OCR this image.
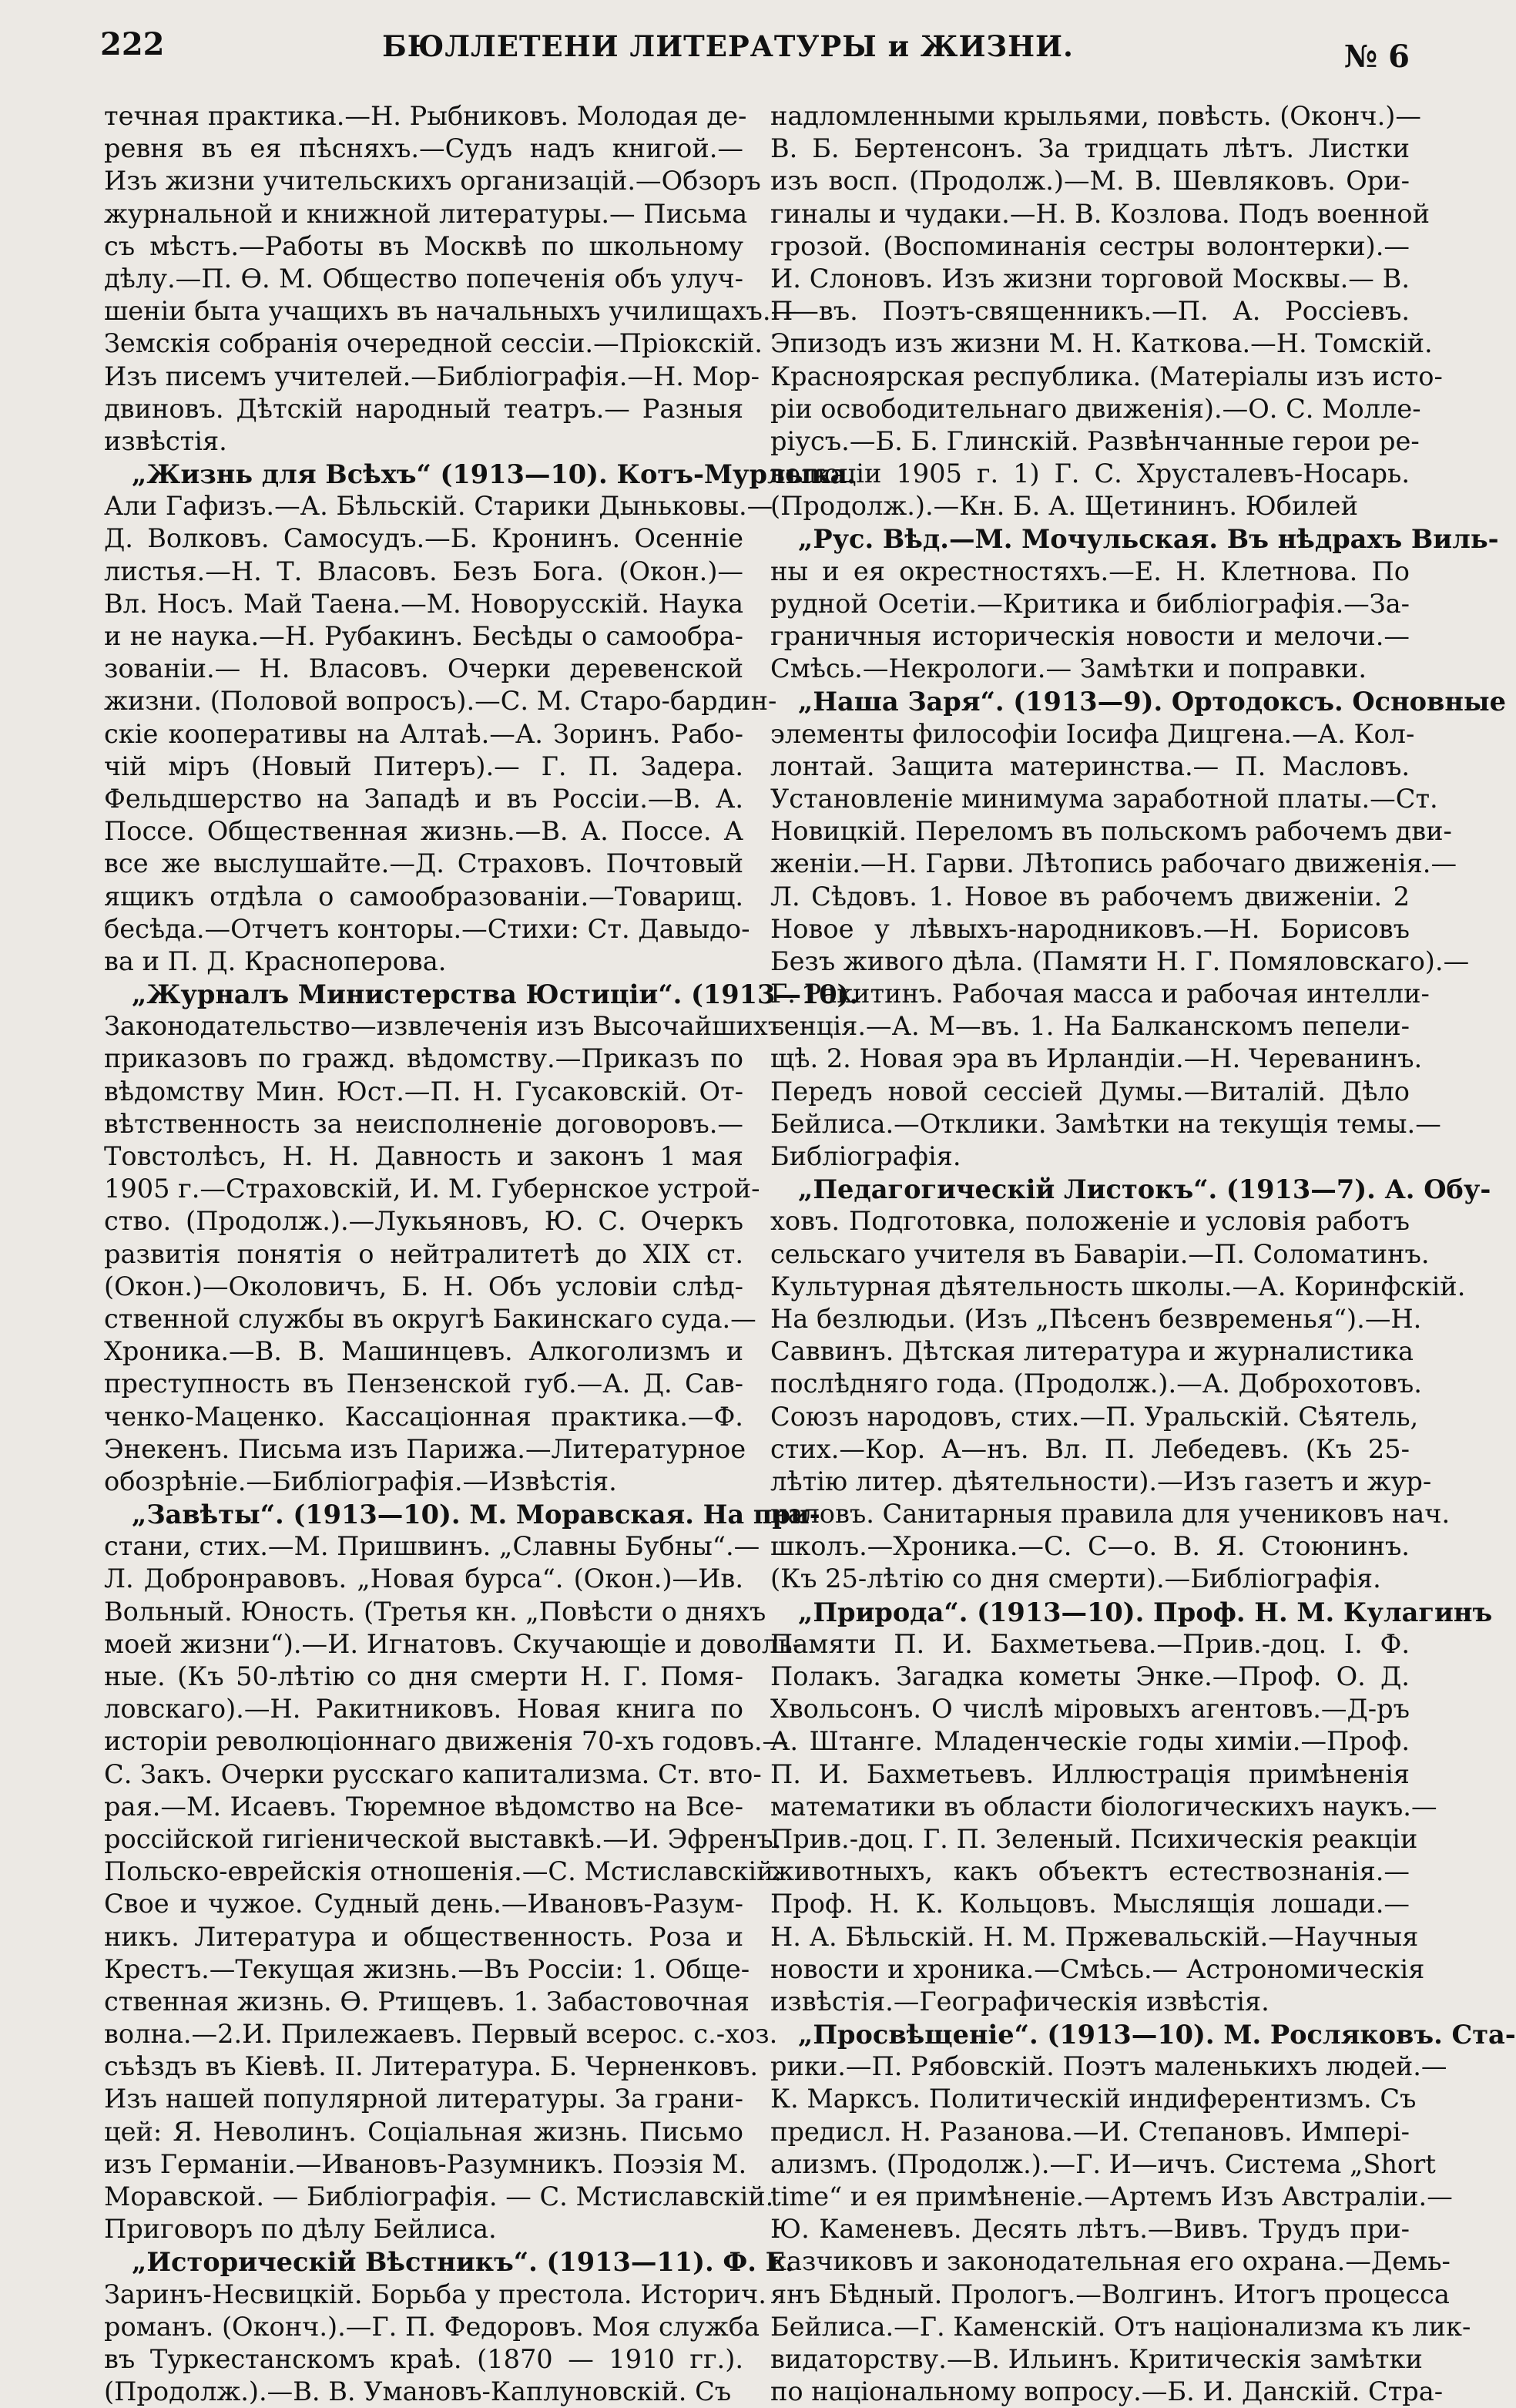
222	БЮЛЛЕТЕНИ ЛИТЕРАТУРЫ и ЖИЗНИ.	№ 6
течная практика.—Н. Рыбниковъ. Молодая де-
ревня въ ея пѣсняхъ.—Судъ надъ книгой.—
Изъ жизни учительскихъ организацій.—Обзоръ
журнальной и книжной литературы.— Письма
съ мѣстъ.—Работы въ Москвѣ по школьному
дѣлу.—П. Ѳ. М. Общество попеченія объ улуч-
шеніи быта учащихъ въ начальныхъ училищахъ.—
Земскія собранія очередной сессіи.—Пріокскій.
Изъ писемъ учителей.—Библіографія.—Н. Мор-
двиновъ. Дѣтскій народный театръ.— Разныя
извѣстія.
„Жизнь для Всѣхъ“ (1913—10). Котъ-Мурлыка.
Али Гафизъ.—А. Бѣльскій. Старики Дыньковы.—
Д. Волковъ. Самосудъ.—Б. Кронинъ. Осенніе
листья.—Н. Т. Власовъ. Безъ Бога. (Окон.)—
Вл. Носъ. Май Тaена.—М. Новорусскій. Наука
и не наука.—Н. Рубакинъ. Бесѣды о самообра-
зованіи.— Н. Власовъ. Очерки деревенской
жизни. (Половой вопросъ).—С. М. Старо-бардин-
скіе кооперативы на Алтаѣ.—А. Зоринъ. Рабо-
чій міръ (Новый Питеръ).— Г. П. Задера.
Фельдшерство на Западѣ и въ Россіи.—В. А.
Поссе. Общественная жизнь.—В. А. Поссе. А
все же выслушайте.—Д. Страховъ. Почтовый
ящикъ отдѣла о самообразованіи.—Товарищ.
бесѣда.—Отчетъ конторы.—Стихи: Ст. Давыдо-
ва и П. Д. Красноперова.
„Журналъ Министерства Юстиціи“. (1913—10).
Законодательство—извлеченія изъ Высочайшихъ
приказовъ по гражд. вѣдомству.—Приказъ по
вѣдомству Мин. Юст.—П. Н. Гусаковскій. От-
вѣтственность за неисполненіе договоровъ.—
Товстолѣсъ, Н. Н. Давность и законъ 1 мая
1905 г.—Страховскій, И. М. Губернское устрой-
ство. (Продолж.).—Лукьяновъ, Ю. С. Очеркъ
развитія понятія о нейтралитетѣ до XIX ст.
(Окон.)—Околовичъ, Б. Н. Объ условіи слѣд-
ственной службы въ округѣ Бакинскаго суда.—
Хроника.—В. В. Машинцевъ. Алкоголизмъ и
преступность въ Пензенской губ.—А. Д. Сав-
ченко-Маценко. Кассаціонная практика.—Ф.
Энекенъ. Письма изъ Парижа.—Литературное
обозрѣніе.—Библіографія.—Извѣстія.
„Завѣты“. (1913—10). М. Моравская. На при-
стани, стих.—М. Пришвинъ. „Славны Бубны“.—
Л. Добронравовъ. „Новая бурса“. (Окон.)—Ив.
Вольный. Юность. (Третья кн. „Повѣсти о дняхъ
моей жизни“).—И. Игнатовъ. Скучающіе и доволь-
ные. (Къ 50-лѣтію со дня смерти Н. Г. Помя-
ловскаго).—Н. Ракитниковъ. Новая книга по
исторіи революціоннаго движенія 70-хъ годовъ.—
С. Закъ. Очерки русскаго капитализма. Ст. вто-
рая.—М. Исаевъ. Тюремное вѣдомство на Все-
россійской гигіенической выставкѣ.—И. Эфренъ.
Польско-еврейскія отношенія.—С. Мстиславскій.
Свое и чужое. Судный день.—Ивановъ-Разум-
никъ. Литература и общественность. Роза и
Крестъ.—Текущая жизнь.—Въ Россіи: 1. Обще-
ственная жизнь. Ѳ. Ртищевъ. 1. Забастовочная
волна.—2.И. Прилежаевъ. Первый всерос. с.-хоз.
съѣздъ въ Кіевѣ. II. Литература. Б. Черненковъ.
Изъ нашей популярной литературы. За грани-
цей: Я. Неволинъ. Соціальная жизнь. Письмо
изъ Германіи.—Ивановъ-Разумникъ. Поэзія М.
Моравской. — Библіографія. — С. Мстиславскій.
Приговоръ по дѣлу Бейлиса.
„Историческій Вѣстникъ“. (1913—11). Ф. Е.
Заринъ-Несвицкій. Борьба у престола. Историч.
романъ. (Оконч.).—Г. П. Федоровъ. Моя служба
въ Туркестанскомъ краѣ. (1870 — 1910 гг.).
(Продолж.).—В. В. Умановъ-Каплуновскій. Съ
надломленными крыльями, повѣсть. (Оконч.)—
В. Б. Бертенсонъ. За тридцать лѣтъ. Листки
изъ восп. (Продолж.)—М. В. Шевляковъ. Ори-
гиналы и чудаки.—Н. В. Козлова. Подъ военной
грозой. (Воспоминанія сестры волонтерки).—
И. Слоновъ. Изъ жизни торговой Москвы.— В.
П—въ. Поэтъ-священникъ.—П. А. Россіевъ.
Эпизодъ изъ жизни М. Н. Каткова.—Н. Томскій.
Красноярская республика. (Матеріалы изъ исто-
ріи освободительнаго движенія).—О. С. Молле-
ріусъ.—Б. Б. Глинскій. Развѣнчанные герои ре-
волюціи 1905 г. 1) Г. С. Хрусталевъ-Носарь.
(Продолж.).—Кн. Б. А. Щетининъ. Юбилей
„Рус. Вѣд.—М. Мочульская. Въ нѣдрахъ Виль-
ны и ея окрестностяхъ.—Е. Н. Клетнова. По
рудной Осетіи.—Критика и библіографія.—За-
граничныя историческія новости и мелочи.—
Смѣсь.—Некрологи.— Замѣтки и поправки.
„Наша Заря“. (1913—9). Ортодоксъ. Основные
элементы философіи Іосифа Дицгена.—А. Кол-
лонтай. Защита материнства.— П. Масловъ.
Установленіе минимума заработной платы.—Ст.
Новицкій. Переломъ въ польскомъ рабочемъ дви-
женіи.—Н. Гарви. Лѣтопись рабочаго движенія.—
Л. Сѣдовъ. 1. Новое въ рабочемъ движеніи. 2
Новое у лѣвыхъ-народниковъ.—Н. Борисовъ
Безъ живого дѣла. (Памяти Н. Г. Помяловскаго).—
Г. Ракитинъ. Рабочая масса и рабочая интелли-
генція.—А. М—въ. 1. На Балканскомъ пепели-
щѣ. 2. Новая эра въ Ирландіи.—Н. Череванинъ.
Передъ новой сессіей Думы.—Виталій. Дѣло
Бейлиса.—Отклики. Замѣтки на текущія темы.—
Библіографія.
„Педагогическій Листокъ“. (1913—7). А. Обу-
ховъ. Подготовка, положеніе и условія работъ
сельскаго учителя въ Баваріи.—П. Соломатинъ.
Культурная дѣятельность школы.—А. Коринфскій.
На безлюдьи. (Изъ „Пѣсенъ безвременья“).—Н.
Саввинъ. Дѣтская литература и журналистика
послѣдняго года. (Продолж.).—А. Доброхотовъ.
Союзъ народовъ, стих.—П. Уральскій. Сѣятель,
стих.—Кор. А—нъ. Вл. П. Лебедевъ. (Къ 25-
лѣтію литер. дѣятельности).—Изъ газетъ и жур-
наловъ. Санитарныя правила для учениковъ нач.
школъ.—Хроника.—С. С—о. В. Я. Стоюнинъ.
(Къ 25-лѣтію со дня смерти).—Библіографія.
„Природа“. (1913—10). Проф. Н. М. Кулагинъ
Памяти П. И. Бахметьева.—Прив.-доц. I. Ф.
Полакъ. Загадка кометы Энке.—Проф. О. Д.
Хвольсонъ. О числѣ міровыхъ агентовъ.—Д-ръ
А. Штанге. Младенческіе годы химіи.—Проф.
П. И. Бахметьевъ. Иллюстрація примѣненія
математики въ области біологическихъ наукъ.—
Прив.-доц. Г. П. Зеленый. Психическія реакціи
животныхъ, какъ объектъ естествознанія.—
Проф. Н. К. Кольцовъ. Мыслящія лошади.—
Н. А. Бѣльскій. Н. М. Пржевальскій.—Научныя
новости и хроника.—Смѣсь.— Астрономическія
извѣстія.—Географическія извѣстія.
„Просвѣщеніе“. (1913—10). М. Росляковъ. Ста-
рики.—П. Рябовскій. Поэтъ маленькихъ людей.—
К. Марксъ. Политическій индиферентизмъ. Съ
предисл. Н. Разанова.—И. Степановъ. Импері-
ализмъ. (Продолж.).—Г. И—ичъ. Система „Short
time“ и ея примѣненіе.—Артемъ Изъ Австраліи.—
Ю. Каменевъ. Десять лѣтъ.—Вивъ. Трудъ при-
казчиковъ и законодательная его охрана.—Демь-
янъ Бѣдный. Прологъ.—Волгинъ. Итогъ процесса
Бейлиса.—Г. Каменскій. Отъ націонализма къ лик-
видаторству.—В. Ильинъ. Критическія замѣтки
по національному вопросу.—Б. И. Данскій. Стра-
